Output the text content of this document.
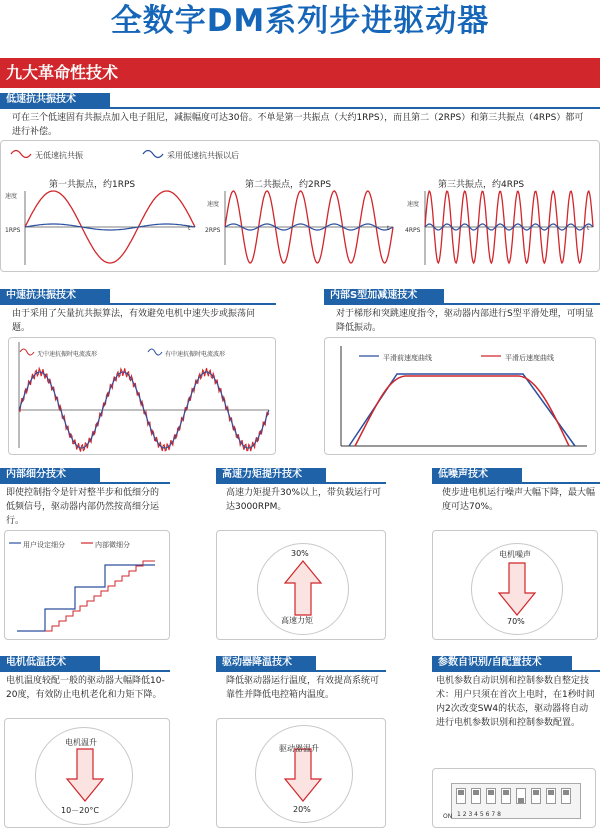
全数字DM系列步进驱动器
九大革命性技术
低速抗共振技术
可在三个低速固有共振点加入电子阻尼，减振幅度可达30倍。不单是第一共振点（大约1RPS），而且第二（2RPS）和第三共振点（4RPS）都可进行补偿。
无低速抗共振	采用低速抗共振以后
第一共振点，约1RPS	第二共振点，约2RPS	第三共振点，约4RPS
速度
速度	速度
1RPS	2RPS	4RPS
t	t	t
中速抗共振技术
由于采用了矢量抗共振算法，有效避免电机中速失步或振荡问题。
无中速抗振时电流波形	有中速抗振时电流波形
内部S型加减速技术
对于梯形和突跳速度指令，驱动器内部进行S型平滑处理，可明显降低振动。
平滑前速度曲线	平滑后速度曲线
内部细分技术
即使控制指令是针对整半步和低细分的低频信号，驱动器内部仍然按高细分运行。
用户设定细分	内部微细分
高速力矩提升技术
高速力矩提升30%以上，带负载运行可达3000RPM。
30%
高速力矩
低噪声技术
使步进电机运行噪声大幅下降，最大幅度可达70%。
电机噪声
70%
电机低温技术
电机温度较配一般的驱动器大幅降低10-20度，有效防止电机老化和力矩下降。
电机温升
10－20°C
驱动器降温技术
降低驱动器运行温度，有效提高系统可靠性并降低电控箱内温度。
驱动器温升
20%
参数自识别/自配置技术
电机参数自动识别和控制参数自整定技术：用户只须在首次上电时，在1秒时间内2次改变SW4的状态，驱动器将自动进行电机参数识别和控制参数配置。
ON 1 2 3 4 5 6 7 8
